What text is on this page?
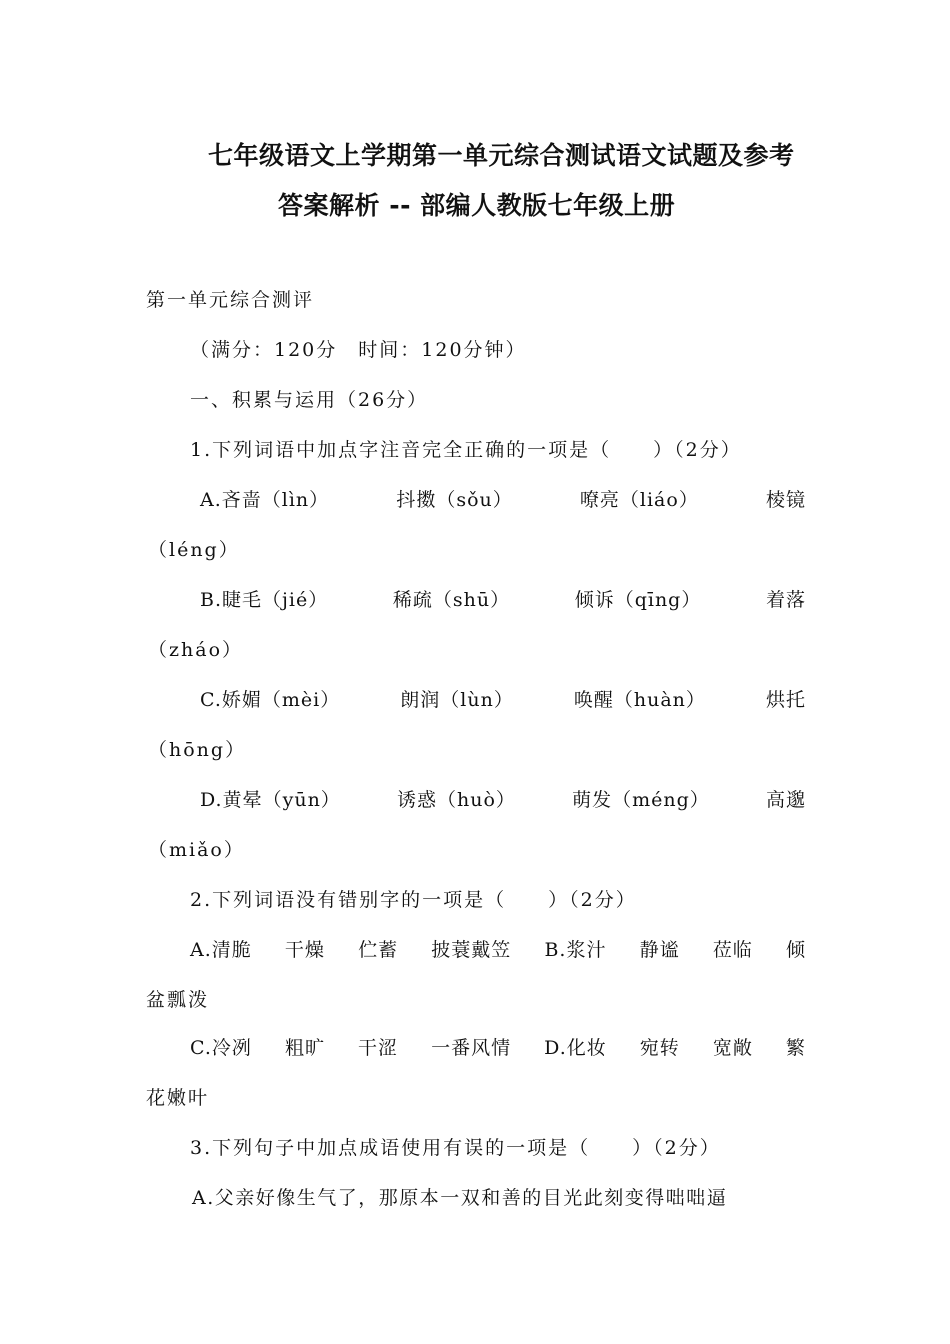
七年级语文上学期第一单元综合测试语文试题及参考
答案解析 -- 部编人教版七年级上册
第一单元综合测评
（满分：120分　时间：120分钟）
一、积累与运用（26分）
1.下列词语中加点字注音完全正确的一项是（　　）（2分）
A.吝啬（lìn）	抖擞（sǒu）	嘹亮（liáo）	棱镜
（léng）
B.睫毛（jié）	稀疏（shū）	倾诉（qīng）	着落
（zháo）
C.娇媚（mèi）	朗润（lùn）	唤醒（huàn）	烘托
（hōng）
D.黄晕（yūn）	诱惑（huò）	萌发（méng）	高邈
（miǎo）
2.下列词语没有错别字的一项是（　　）（2分）
A.清脆 干燥 伫蓄 披蓑戴笠 B.浆汁 静谧 莅临 倾
盆瓢泼
C.冷冽 粗旷 干涩 一番风情 D.化妆 宛转 宽敞 繁
花嫩叶
3.下列句子中加点成语使用有误的一项是（　　）（2分）
A.父亲好像生气了，那原本一双和善的目光此刻变得咄咄逼
